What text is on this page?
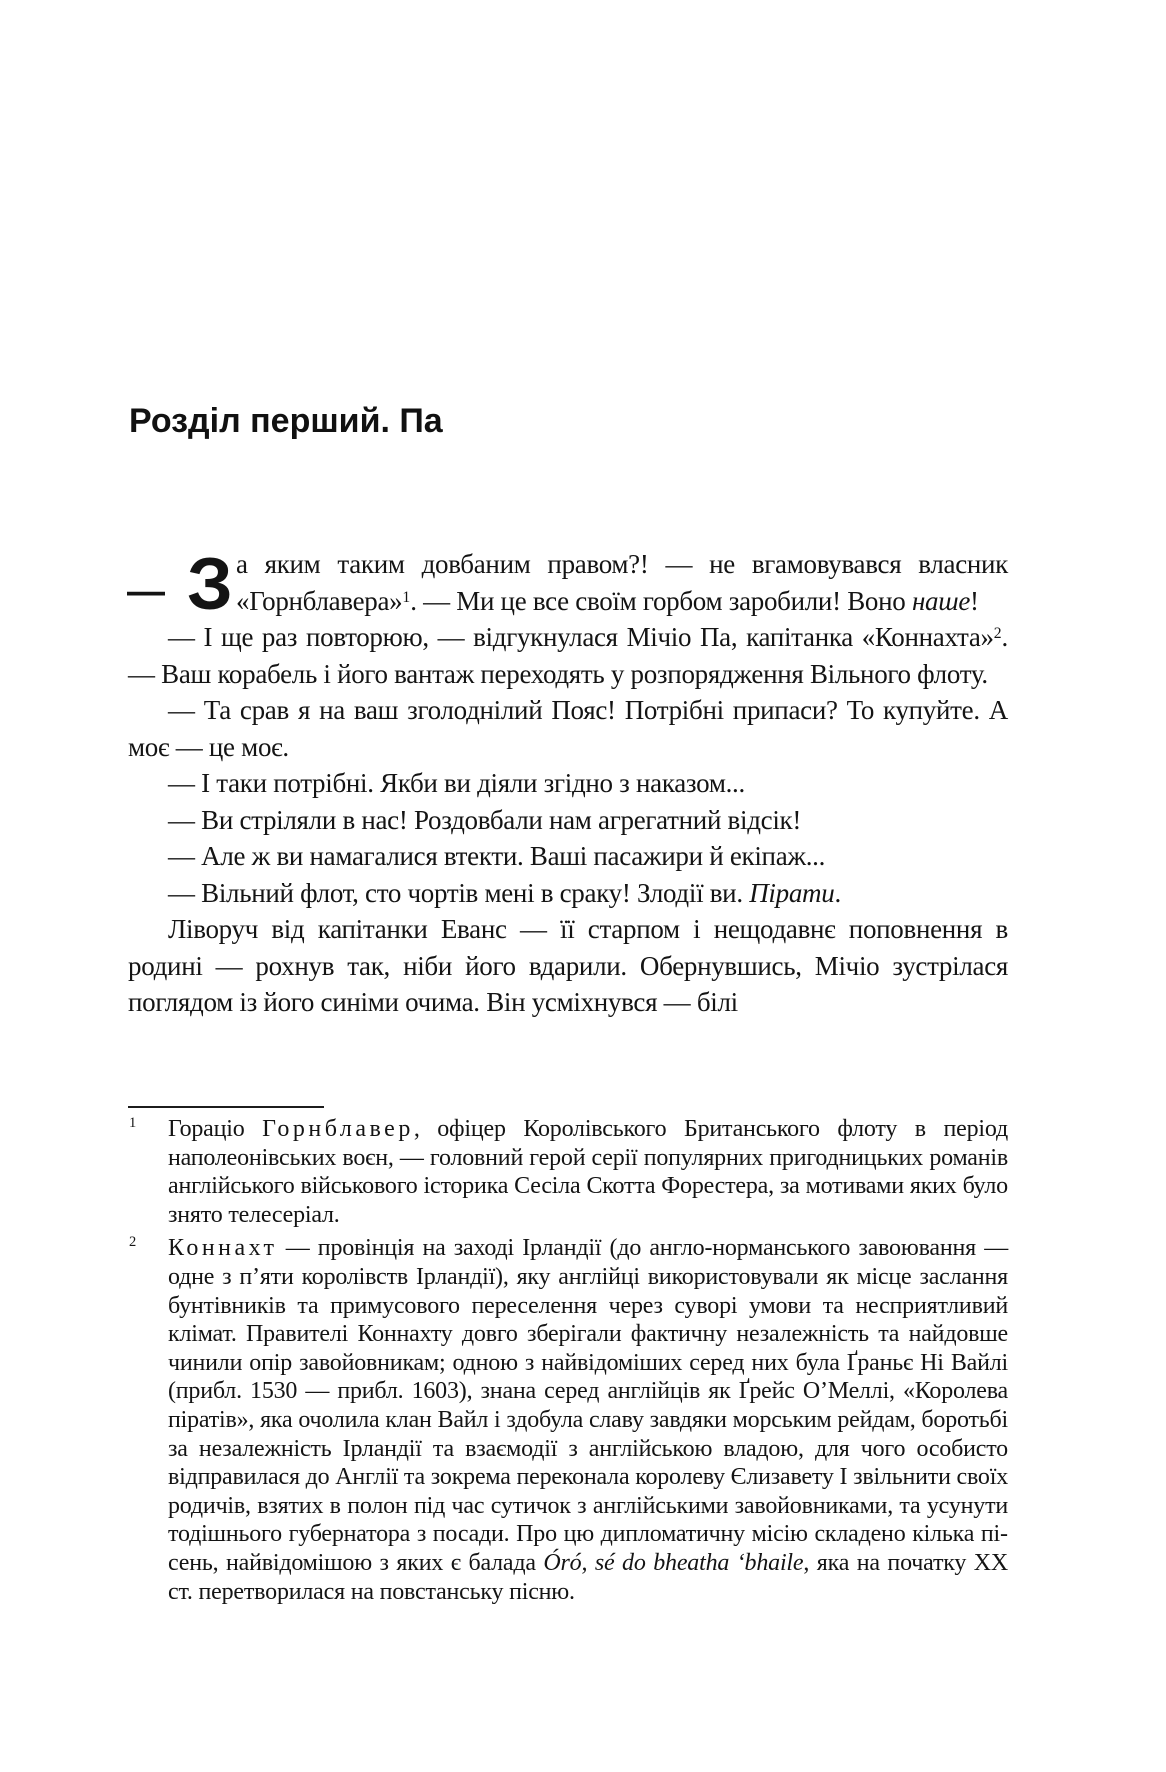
Розділ перший. Па

— З а яким таким довбаним правом?! — не вгамовувався власник «Горнблавера»$^1$. — Ми це все своїм горбом заробили! Воно наше!

— І ще раз повторюю, — відгукнулася Мічіо Па, капітанка «Коннахта»$^2$. — Ваш корабель і його вантаж переходять у розпорядження Вільного флоту.

— Та срав я на ваш зголоднілий Пояс! Потрібні припаси? То купуйте. А моє — це моє.

— І таки потрібні. Якби ви діяли згідно з наказом...

— Ви стріляли в нас! Роздовбали нам агрегатний відсік!

— Але ж ви намагалися втекти. Ваші пасажири й екіпаж...

— Вільний флот, сто чортів мені в сраку! Злодії ви. Пірати.

Ліворуч від капітанки Еванс — її старпом і нещодавнє поповнення в родині — рохнув так, ніби його вдарили. Обернувшись, Мічіо зустрілася поглядом із його синіми очима. Він усміхнувся — білі

1 Гораціо Горнблавер, офіцер Королівського Британського флоту в період наполеонівських воєн, — головний герой серії популярних пригодницьких романів англійського військового історика Сесіла Скотта Форестера, за мотивами яких було знято телесеріал.
2 Коннахт — провінція на заході Ірландії (до англо-норманського завоювання — одне з п’яти королівств Ірландії), яку англійці використовували як місце заслання бунтівників та примусового переселення через суворі умови та несприятливий клімат. Правителі Коннахту довго зберігали фактичну незалежність та найдовше чинили опір завойовникам; одною з найвідоміших серед них була Ґраньє Ні Вайлі (прибл. 1530 — прибл. 1603), знана серед англійців як Ґрейс О’Меллі, «Королева піратів», яка очолила клан Вайл і здобула славу завдяки морським рейдам, боротьбі за незалежність Ірландії та взаємодії з англійською владою, для чого особисто відправилася до Англії та зокрема переконала королеву Єлизавету I звільнити своїх родичів, взятих в полон під час сутичок з англійськими завойовниками, та усунути тодішнього губернатора з посади. Про цю дипломатичну місію складено кілька пісень, найвідомішою з яких є балада Óró, sé do bheatha ‘bhaile, яка на початку XX ст. перетворилася на повстанську пісню.
